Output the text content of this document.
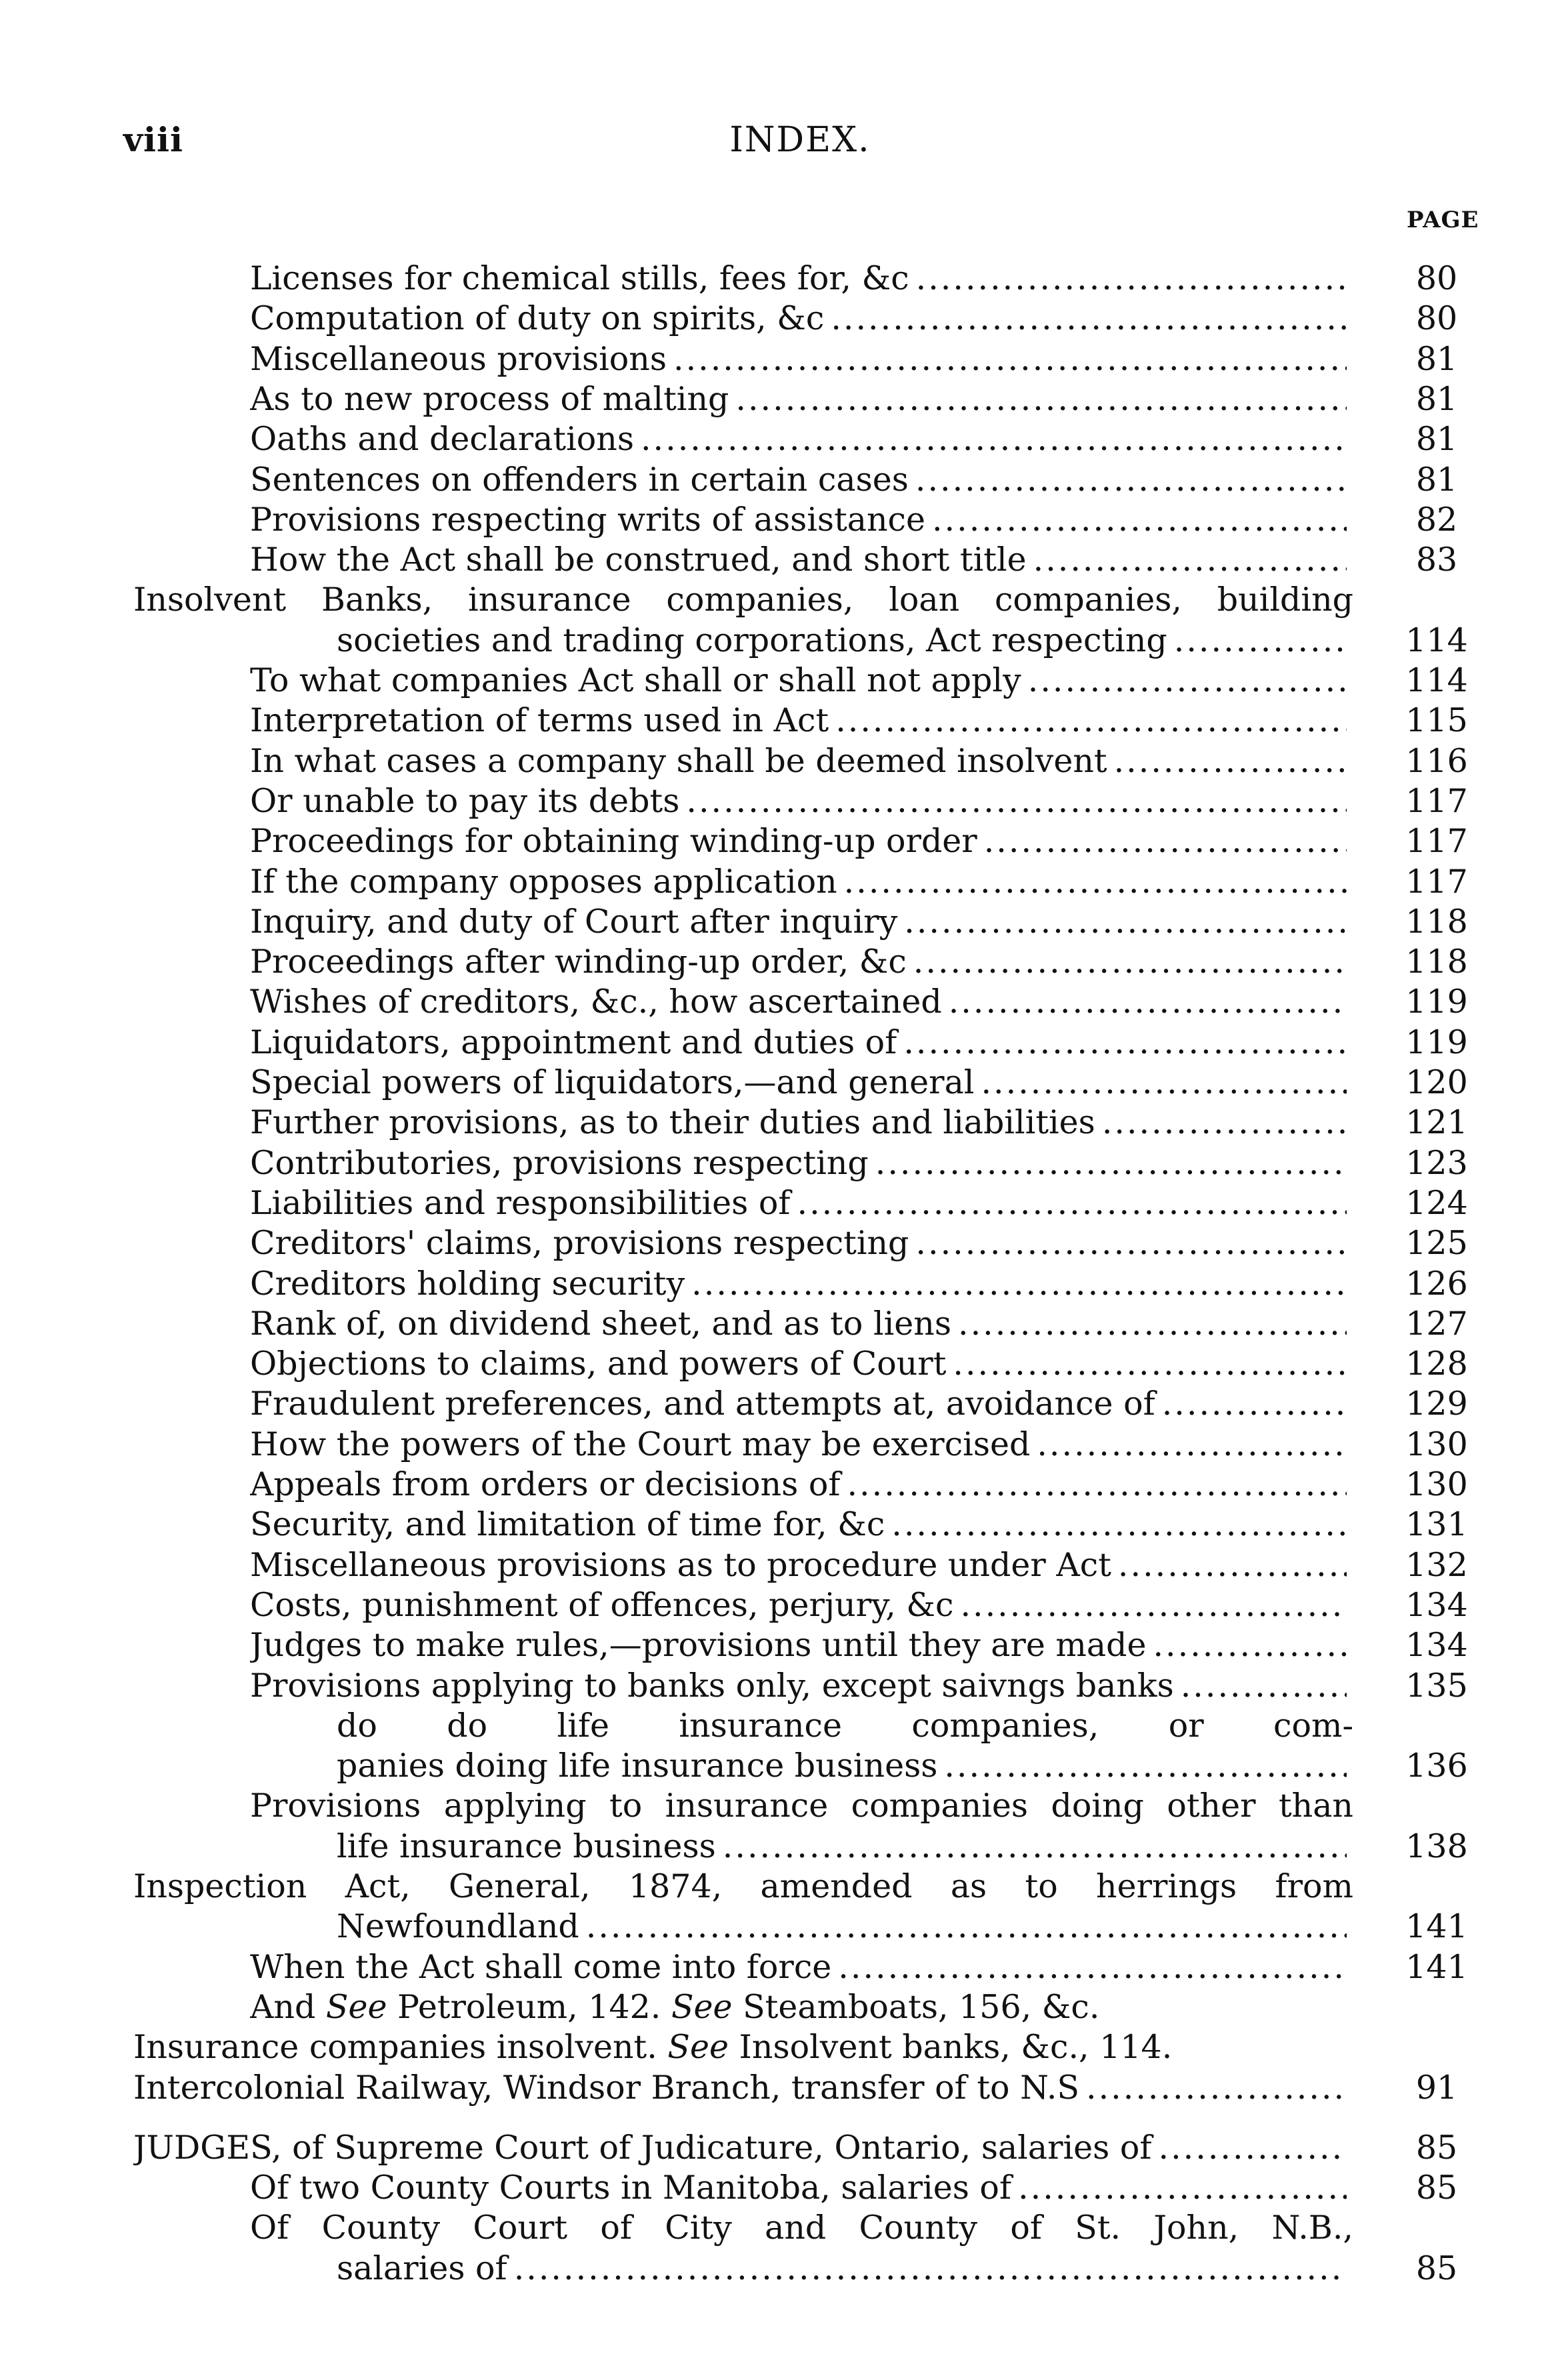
viii	INDEX.
PAGE
Licenses for chemical stills, fees for, &c .....	80
Computation of duty on spirits, &c .....	80
Miscellaneous provisions .....	81
As to new process of malting .....	81
Oaths and declarations .....	81
Sentences on offenders in certain cases .....	81
Provisions respecting writs of assistance .....	82
How the Act shall be construed, and short title .....	83
Insolvent Banks, insurance companies, loan companies, building
societies and trading corporations, Act respecting .....	114
To what companies Act shall or shall not apply .....	114
Interpretation of terms used in Act .....	115
In what cases a company shall be deemed insolvent .....	116
Or unable to pay its debts .....	117
Proceedings for obtaining winding-up order .....	117
If the company opposes application .....	117
Inquiry, and duty of Court after inquiry .....	118
Proceedings after winding-up order, &c .....	118
Wishes of creditors, &c., how ascertained .....	119
Liquidators, appointment and duties of .....	119
Special powers of liquidators,—and general .....	120
Further provisions, as to their duties and liabilities .....	121
Contributories, provisions respecting .....	123
Liabilities and responsibilities of .....	124
Creditors' claims, provisions respecting .....	125
Creditors holding security .....	126
Rank of, on dividend sheet, and as to liens .....	127
Objections to claims, and powers of Court .....	128
Fraudulent preferences, and attempts at, avoidance of .....	129
How the powers of the Court may be exercised .....	130
Appeals from orders or decisions of .....	130
Security, and limitation of time for, &c .....	131
Miscellaneous provisions as to procedure under Act .....	132
Costs, punishment of offences, perjury, &c .....	134
Judges to make rules,—provisions until they are made .....	134
Provisions applying to banks only, except saivngs banks .....	135
do do life insurance companies, or com-
panies doing life insurance business .....	136
Provisions applying to insurance companies doing other than
life insurance business .....	138
Inspection Act, General, 1874, amended as to herrings from
Newfoundland .....	141
When the Act shall come into force .....	141
And See Petroleum, 142. See Steamboats, 156, &c.
Insurance companies insolvent. See Insolvent banks, &c., 114.
Intercolonial Railway, Windsor Branch, transfer of to N.S .....	91
JUDGES, of Supreme Court of Judicature, Ontario, salaries of .....	85
Of two County Courts in Manitoba, salaries of .....	85
Of County Court of City and County of St. John, N.B.,
salaries of .....	85
